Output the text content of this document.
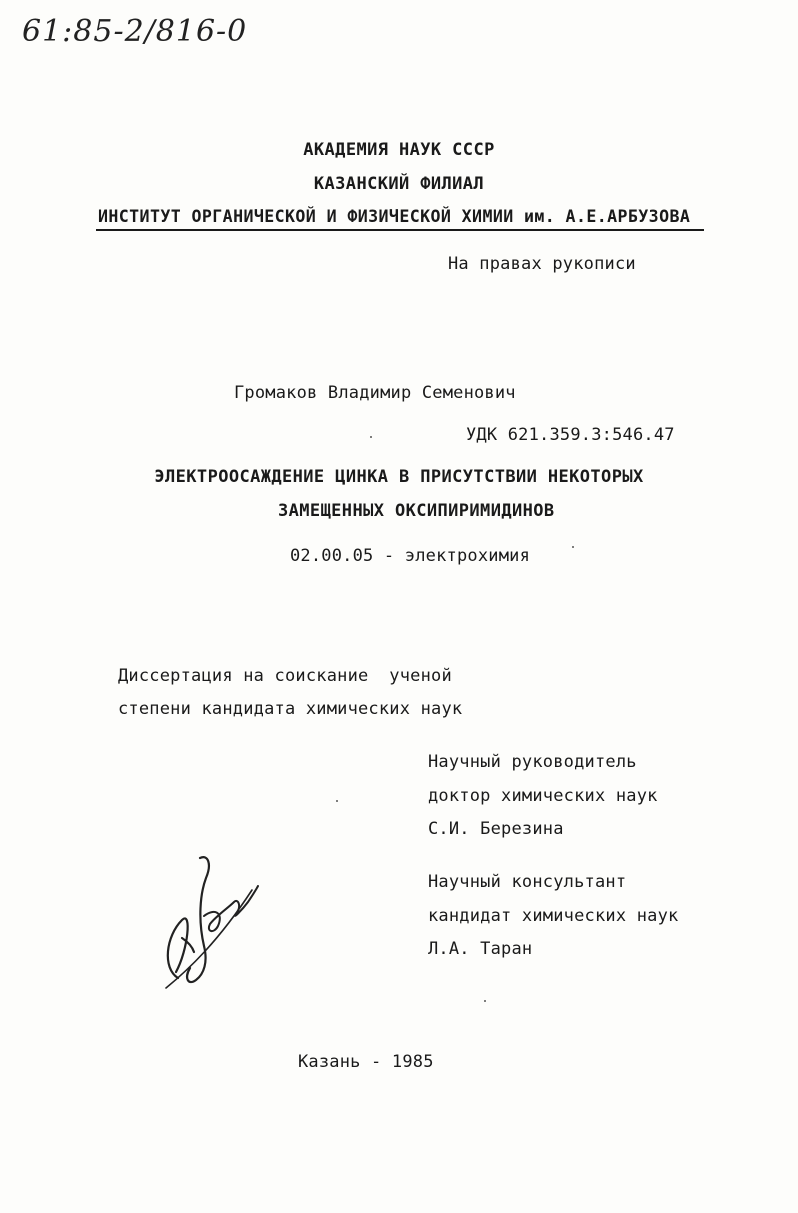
61:85-2/816-0
АКАДЕМИЯ НАУК СССР
КАЗАНСКИЙ ФИЛИАЛ
ИНСТИТУТ ОРГАНИЧЕСКОЙ И ФИЗИЧЕСКОЙ ХИМИИ им. А.Е.АРБУЗОВА
На правах рукописи
Громаков Владимир Семенович
УДК 621.359.3:546.47
ЭЛЕКТРООСАЖДЕНИЕ ЦИНКА В ПРИСУТСТВИИ НЕКОТОРЫХ
ЗАМЕЩЕННЫХ ОКСИПИРИМИДИНОВ
02.00.05 - электрохимия
Диссертация на соискание  ученой
степени кандидата химических наук
Научный руководитель
доктор химических наук
С.И. Березина
Научный консультант
кандидат химических наук
Л.А. Таран
Казань - 1985
